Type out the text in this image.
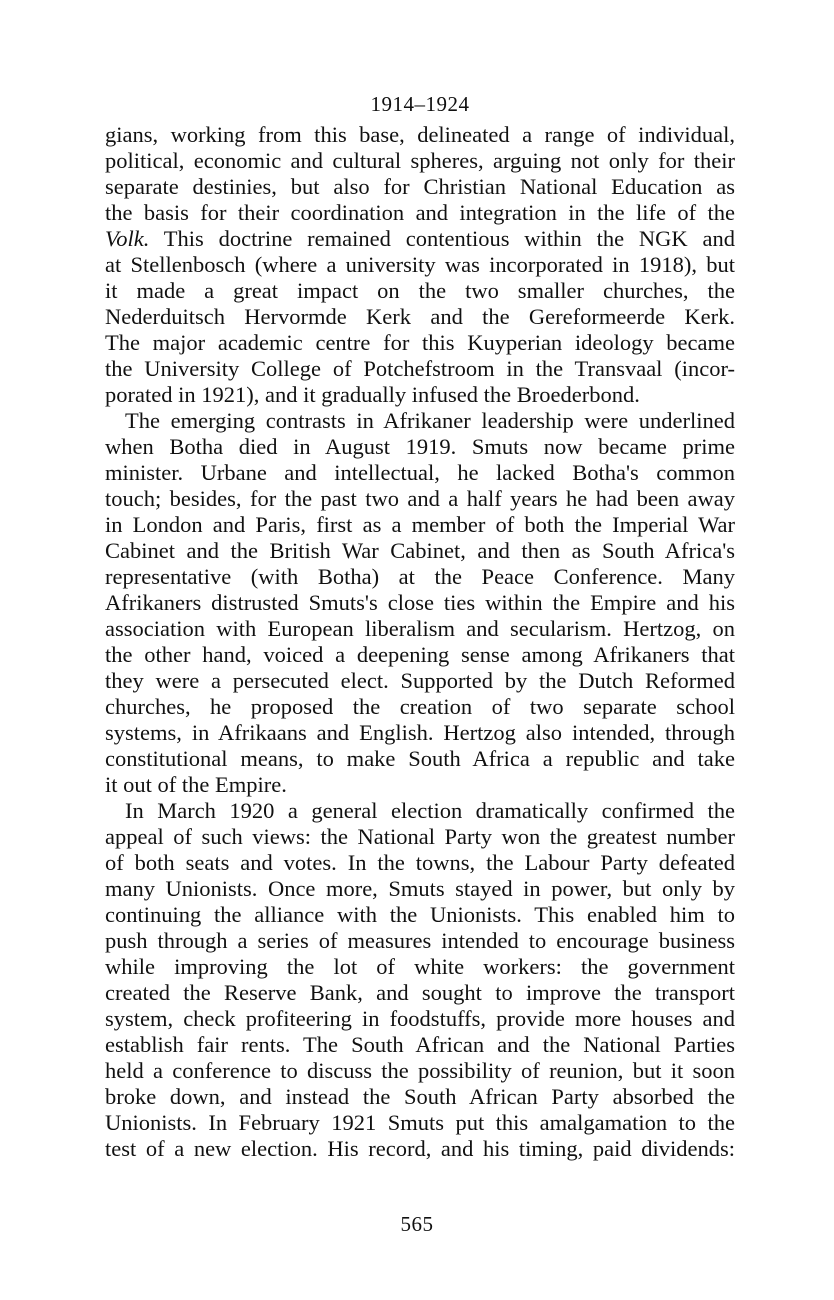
1914–1924
gians, working from this base, delineated a range of individual,
political, economic and cultural spheres, arguing not only for their
separate destinies, but also for Christian National Education as
the basis for their coordination and integration in the life of the
Volk. This doctrine remained contentious within the NGK and
at Stellenbosch (where a university was incorporated in 1918), but
it made a great impact on the two smaller churches, the
Nederduitsch Hervormde Kerk and the Gereformeerde Kerk.
The major academic centre for this Kuyperian ideology became
the University College of Potchefstroom in the Transvaal (incor-
porated in 1921), and it gradually infused the Broederbond.
The emerging contrasts in Afrikaner leadership were underlined
when Botha died in August 1919. Smuts now became prime
minister. Urbane and intellectual, he lacked Botha's common
touch; besides, for the past two and a half years he had been away
in London and Paris, first as a member of both the Imperial War
Cabinet and the British War Cabinet, and then as South Africa's
representative (with Botha) at the Peace Conference. Many
Afrikaners distrusted Smuts's close ties within the Empire and his
association with European liberalism and secularism. Hertzog, on
the other hand, voiced a deepening sense among Afrikaners that
they were a persecuted elect. Supported by the Dutch Reformed
churches, he proposed the creation of two separate school
systems, in Afrikaans and English. Hertzog also intended, through
constitutional means, to make South Africa a republic and take
it out of the Empire.
In March 1920 a general election dramatically confirmed the
appeal of such views: the National Party won the greatest number
of both seats and votes. In the towns, the Labour Party defeated
many Unionists. Once more, Smuts stayed in power, but only by
continuing the alliance with the Unionists. This enabled him to
push through a series of measures intended to encourage business
while improving the lot of white workers: the government
created the Reserve Bank, and sought to improve the transport
system, check profiteering in foodstuffs, provide more houses and
establish fair rents. The South African and the National Parties
held a conference to discuss the possibility of reunion, but it soon
broke down, and instead the South African Party absorbed the
Unionists. In February 1921 Smuts put this amalgamation to the
test of a new election. His record, and his timing, paid dividends:
565
